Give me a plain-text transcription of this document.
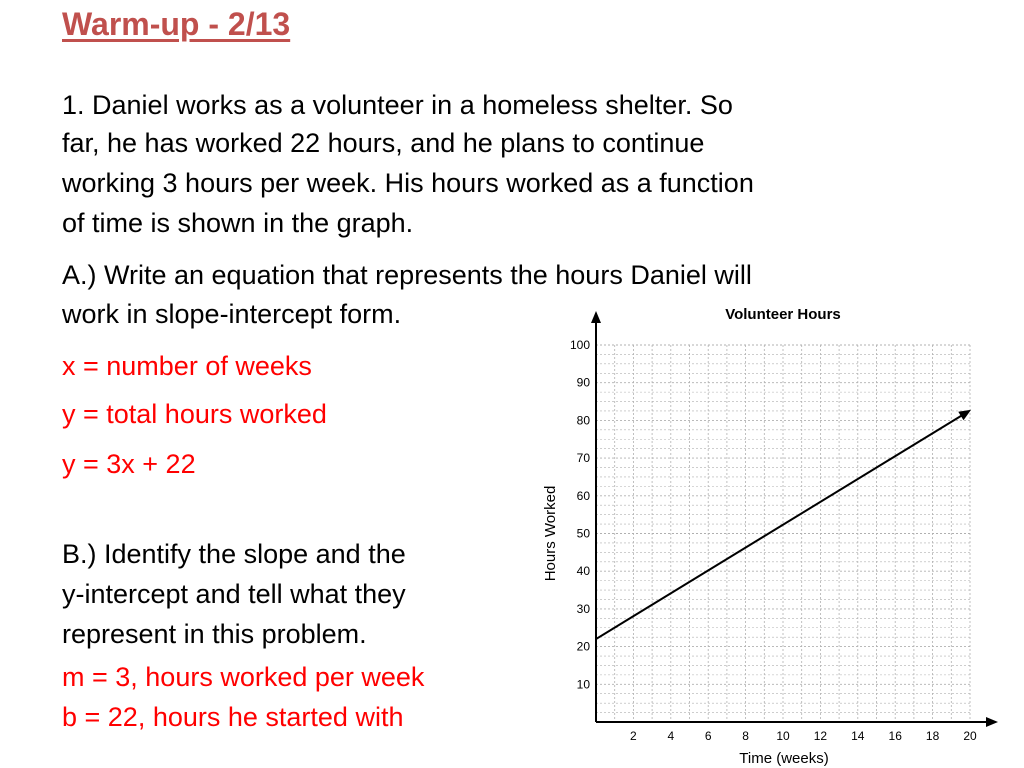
Warm-up - 2/13
1. Daniel works as a volunteer in a homeless shelter. So
far, he has worked 22 hours, and he plans to continue
working 3 hours per week. His hours worked as a function
of time is shown in the graph.
A.) Write an equation that represents the hours Daniel will
work in slope-intercept form.
x = number of weeks
y = total hours worked
y = 3x + 22
B.) Identify the slope and the
y-intercept and tell what they
represent in this problem.
m = 3, hours worked per week
b = 22, hours he started with
2	4	6	8 10 12 14 16 18 20
10
20
30
40
50
60
70
80
90
100
Volunteer Hours
Time (weeks)
Hours Worked
